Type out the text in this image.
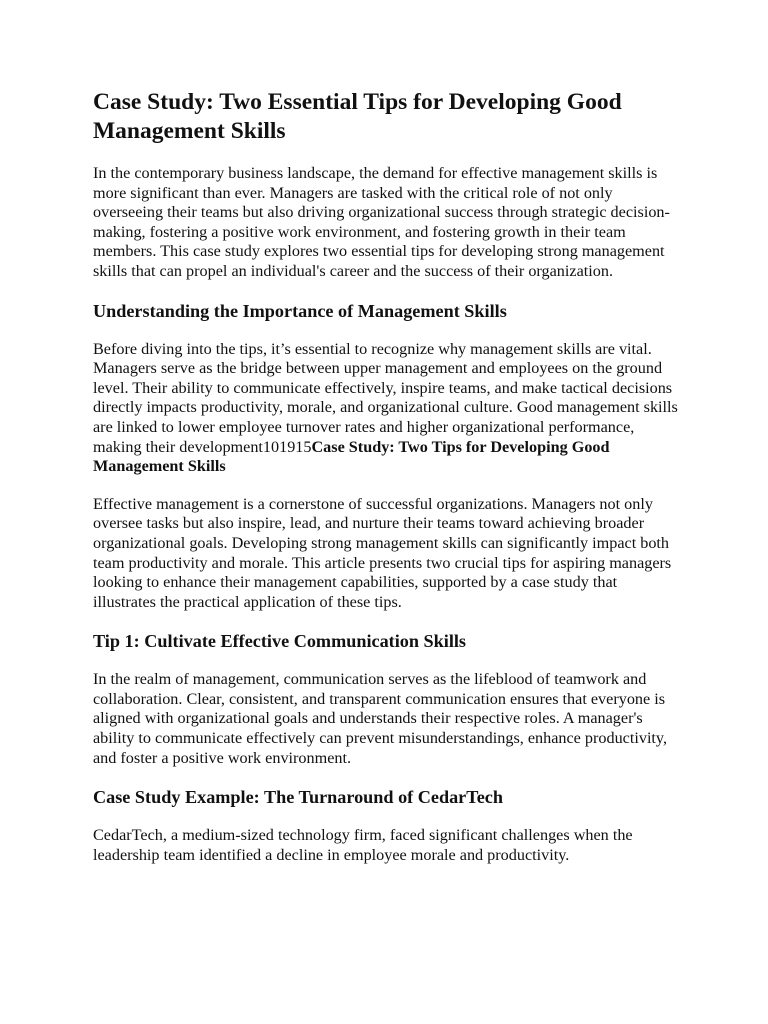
Case Study: Two Essential Tips for Developing Good Management Skills

In the contemporary business landscape, the demand for effective management skills is more significant than ever. Managers are tasked with the critical role of not only overseeing their teams but also driving organizational success through strategic decision-making, fostering a positive work environment, and fostering growth in their team members. This case study explores two essential tips for developing strong management skills that can propel an individual's career and the success of their organization.

Understanding the Importance of Management Skills

Before diving into the tips, it’s essential to recognize why management skills are vital. Managers serve as the bridge between upper management and employees on the ground level. Their ability to communicate effectively, inspire teams, and make tactical decisions directly impacts productivity, morale, and organizational culture. Good management skills are linked to lower employee turnover rates and higher organizational performance, making their development101915Case Study: Two Tips for Developing Good Management Skills

Effective management is a cornerstone of successful organizations. Managers not only oversee tasks but also inspire, lead, and nurture their teams toward achieving broader organizational goals. Developing strong management skills can significantly impact both team productivity and morale. This article presents two crucial tips for aspiring managers looking to enhance their management capabilities, supported by a case study that illustrates the practical application of these tips.

Tip 1: Cultivate Effective Communication Skills

In the realm of management, communication serves as the lifeblood of teamwork and collaboration. Clear, consistent, and transparent communication ensures that everyone is aligned with organizational goals and understands their respective roles. A manager's ability to communicate effectively can prevent misunderstandings, enhance productivity, and foster a positive work environment.

Case Study Example: The Turnaround of CedarTech

CedarTech, a medium-sized technology firm, faced significant challenges when the leadership team identified a decline in employee morale and productivity.
